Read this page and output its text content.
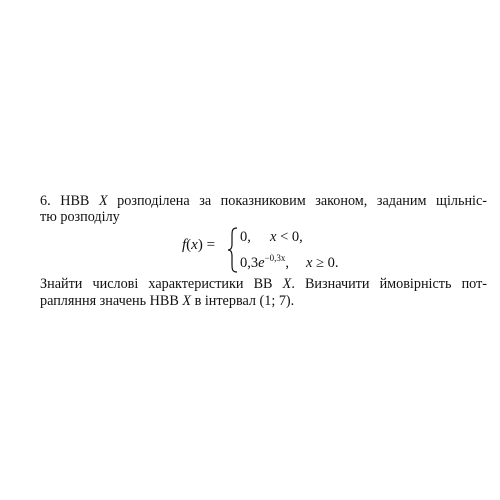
6. НВВ X розподілена за показниковим законом, заданим щільніс-
тю розподілу
f(x) = 0, x < 0,
$0,3e^{-0,3x}$, x ≥ 0.
Знайти числові характеристики ВВ X. Визначити ймовірність пот-
рапляння значень НВВ X в інтервал (1; 7).
